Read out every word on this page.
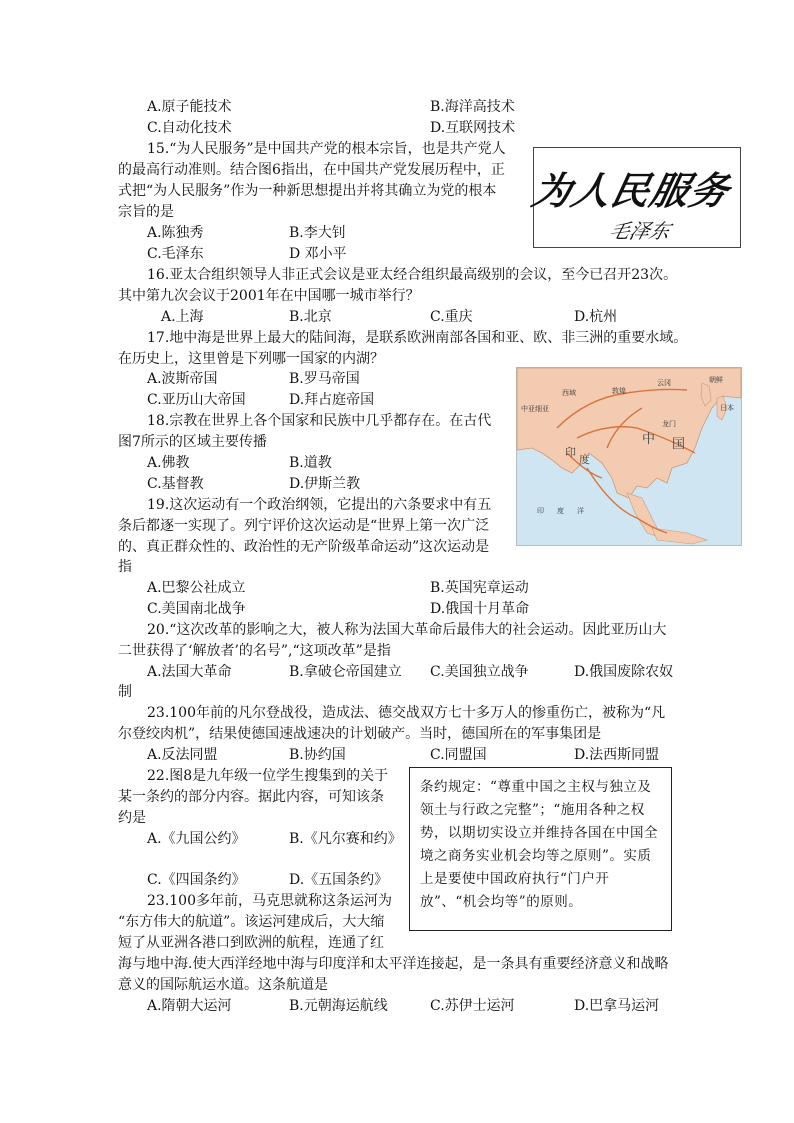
A.原子能技术	B.海洋高技术
C.自动化技术	D.互联网技术
15.“为人民服务”是中国共产党的根本宗旨，也是共产党人
的最高行动准则。结合图6指出，在中国共产党发展历程中，正
式把“为人民服务”作为一种新思想提出并将其确立为党的根本
宗旨的是
A.陈独秀	B.李大钊
C.毛泽东	D 邓小平
16.亚太合组织领导人非正式会议是亚太经合组织最高级别的会议，至今已召开23次。
其中第九次会议于2001年在中国哪一城市举行？
A.上海	B.北京	C.重庆	D.杭州
17.地中海是世界上最大的陆间海，是联系欧洲南部各国和亚、欧、非三洲的重要水域。
在历史上，这里曾是下列哪一国家的内湖？
A.波斯帝国	B.罗马帝国
C.亚历山大帝国	D.拜占庭帝国
18.宗教在世界上各个国家和民族中几乎都存在。在古代
图7所示的区域主要传播
A.佛教	B.道教
C.基督教	D.伊斯兰教
19.这次运动有一个政治纲领，它提出的六条要求中有五
条后都逐一实现了。列宁评价这次运动是“世界上第一次广泛
的、真正群众性的、政治性的无产阶级革命运动”这次运动是
指
A.巴黎公社成立	B.英国宪章运动
C.美国南北战争	D.俄国十月革命
20.“这次改革的影响之大，被人称为法国大革命后最伟大的社会运动。因此亚历山大
二世获得了‘解放者’的名号”,“这项改革”是指
A.法国大革命	B.拿破仑帝国建立 C.美国独立战争	D.俄国废除农奴
制
23.100年前的凡尔登战役，造成法、德交战双方七十多万人的惨重伤亡，被称为“凡
尔登绞肉机”，结果使德国速战速决的计划破产。当时，德国所在的军事集团是
A.反法同盟	B.协约国	C.同盟国	D.法西斯同盟
22.图8是九年级一位学生搜集到的关于
某一条约的部分内容。据此内容，可知该条
约是
A.《九国公约》	B.《凡尔赛和约》
C.《四国条约》	D.《五国条约》
23.100多年前，马克思就称这条运河为
“东方伟大的航道”。该运河建成后，大大缩
短了从亚洲各港口到欧洲的航程，连通了红
海与地中海.使大西洋经地中海与印度洋和太平洋连接起，是一条具有重要经济意义和战略
意义的国际航运水道。这条航道是
A.隋朝大运河	B.元朝海运航线	C.苏伊士运河	D.巴拿马运河
为人民服务
毛泽东
西域	敦煌
云冈	朝鲜
日本
中亚细亚
中 国
龙门
印
度
印 度 洋
条约规定：“尊重中国之主权与独立及领土与行政之完整”；“施用各种之权势，以期切实设立并维持各国在中国全境之商务实业机会均等之原则”。实质上是要使中国政府执行“门户开放”、“机会均等”的原则。
